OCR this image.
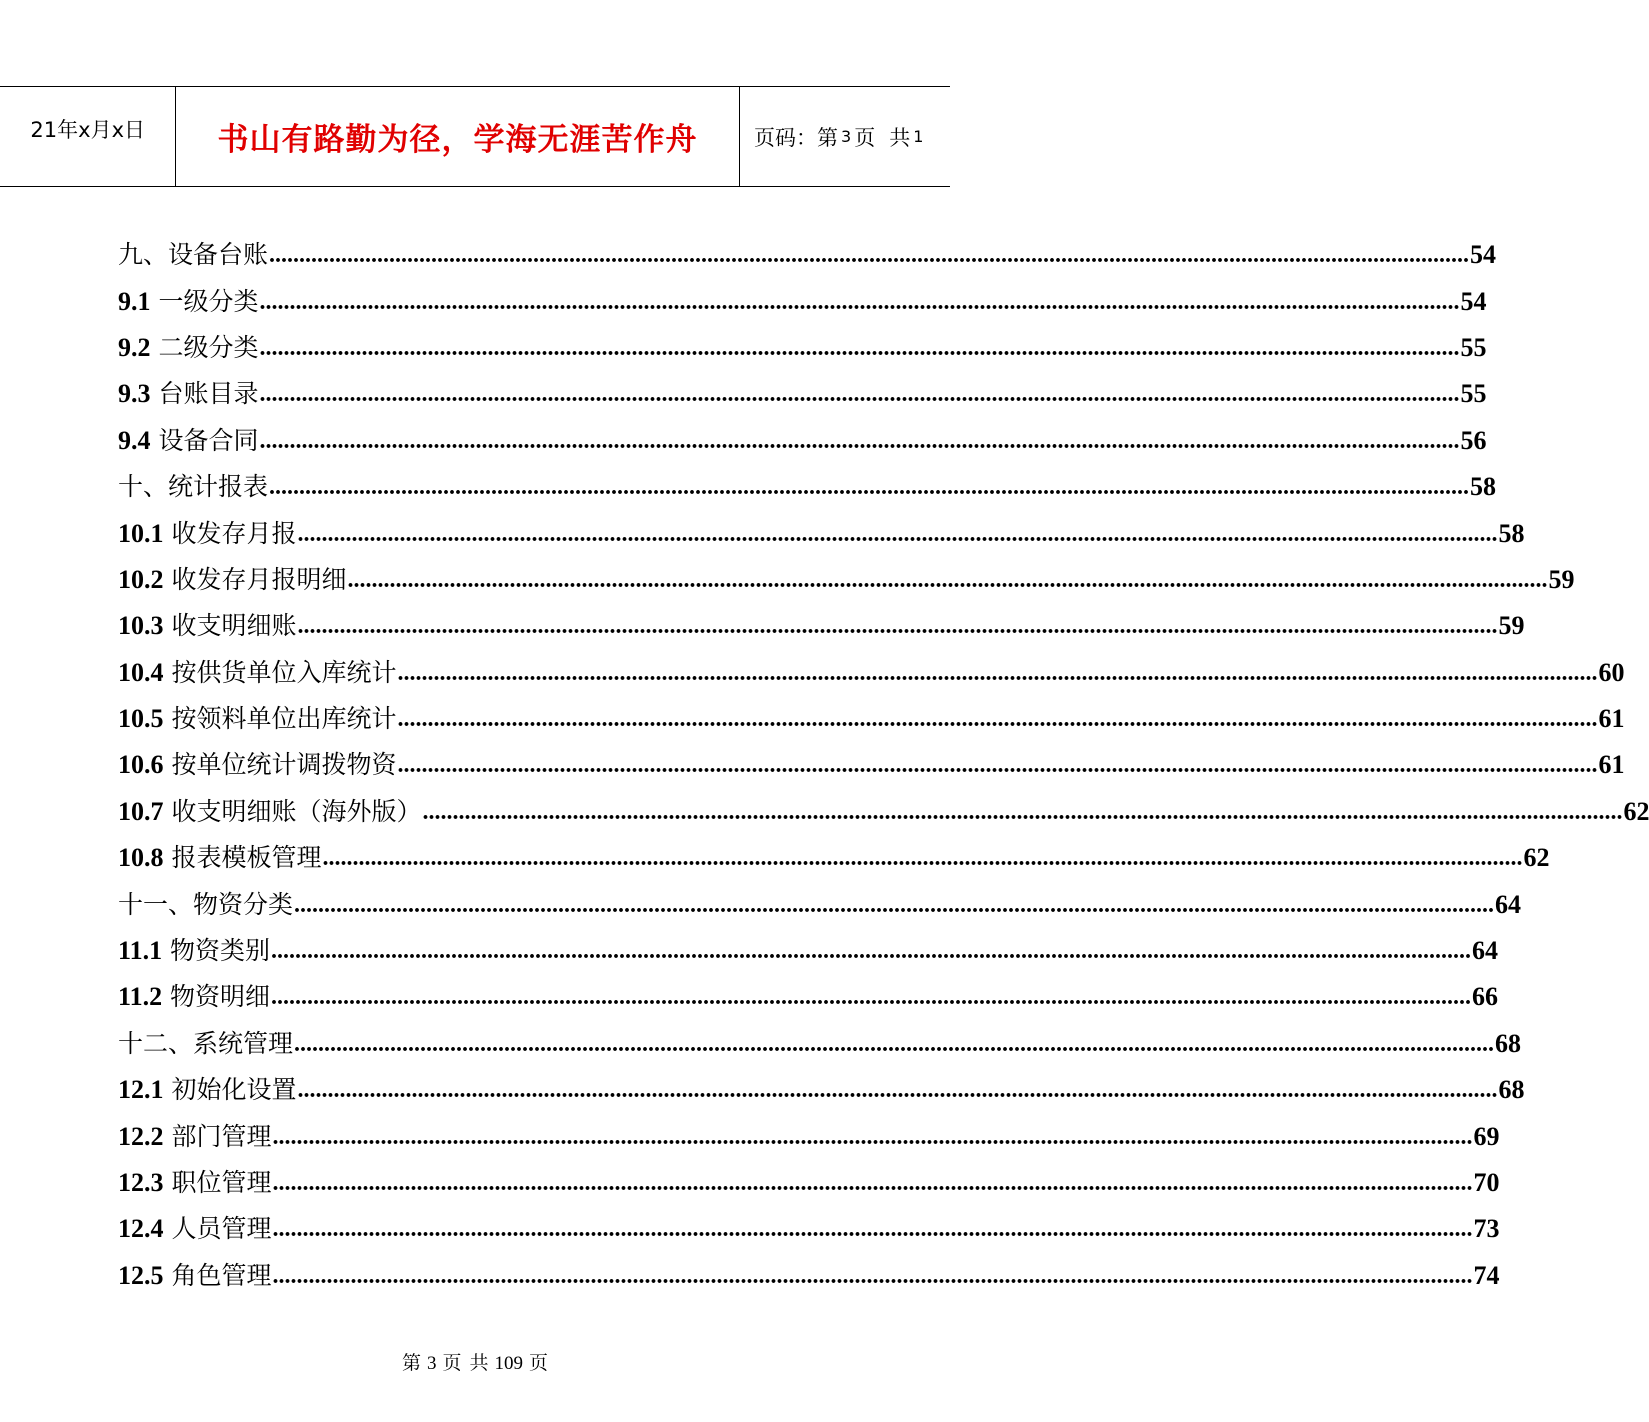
21年x月x日 书山有路勤为径，学海无涯苦作舟	页码：第 3 页 共 1
九、设备台账 ........................................................................................................................................................................................................ 54
9.1 一级分类 ........................................................................................................................................................................................................ 54
9.2 二级分类 ........................................................................................................................................................................................................ 55
9.3 台账目录 ........................................................................................................................................................................................................ 55
9.4 设备合同 ........................................................................................................................................................................................................ 56
十、统计报表 ........................................................................................................................................................................................................ 58
10.1 收发存月报 ........................................................................................................................................................................................................ 58
10.2 收发存月报明细 ........................................................................................................................................................................................................ 59
10.3 收支明细账 ........................................................................................................................................................................................................ 59
10.4 按供货单位入库统计 ........................................................................................................................................................................................................ 60
10.5 按领料单位出库统计 ........................................................................................................................................................................................................ 61
10.6 按单位统计调拨物资 ........................................................................................................................................................................................................ 61
10.7 收支明细账（海外版） ........................................................................................................................................................................................................ 62
10.8 报表模板管理 ........................................................................................................................................................................................................ 62
十一、物资分类 ........................................................................................................................................................................................................ 64
11.1 物资类别 ........................................................................................................................................................................................................ 64
11.2 物资明细 ........................................................................................................................................................................................................ 66
十二、系统管理 ........................................................................................................................................................................................................ 68
12.1 初始化设置 ........................................................................................................................................................................................................ 68
12.2 部门管理 ........................................................................................................................................................................................................ 69
12.3 职位管理 ........................................................................................................................................................................................................ 70
12.4 人员管理 ........................................................................................................................................................................................................ 73
12.5 角色管理 ........................................................................................................................................................................................................ 74
第 3 页 共 109 页
